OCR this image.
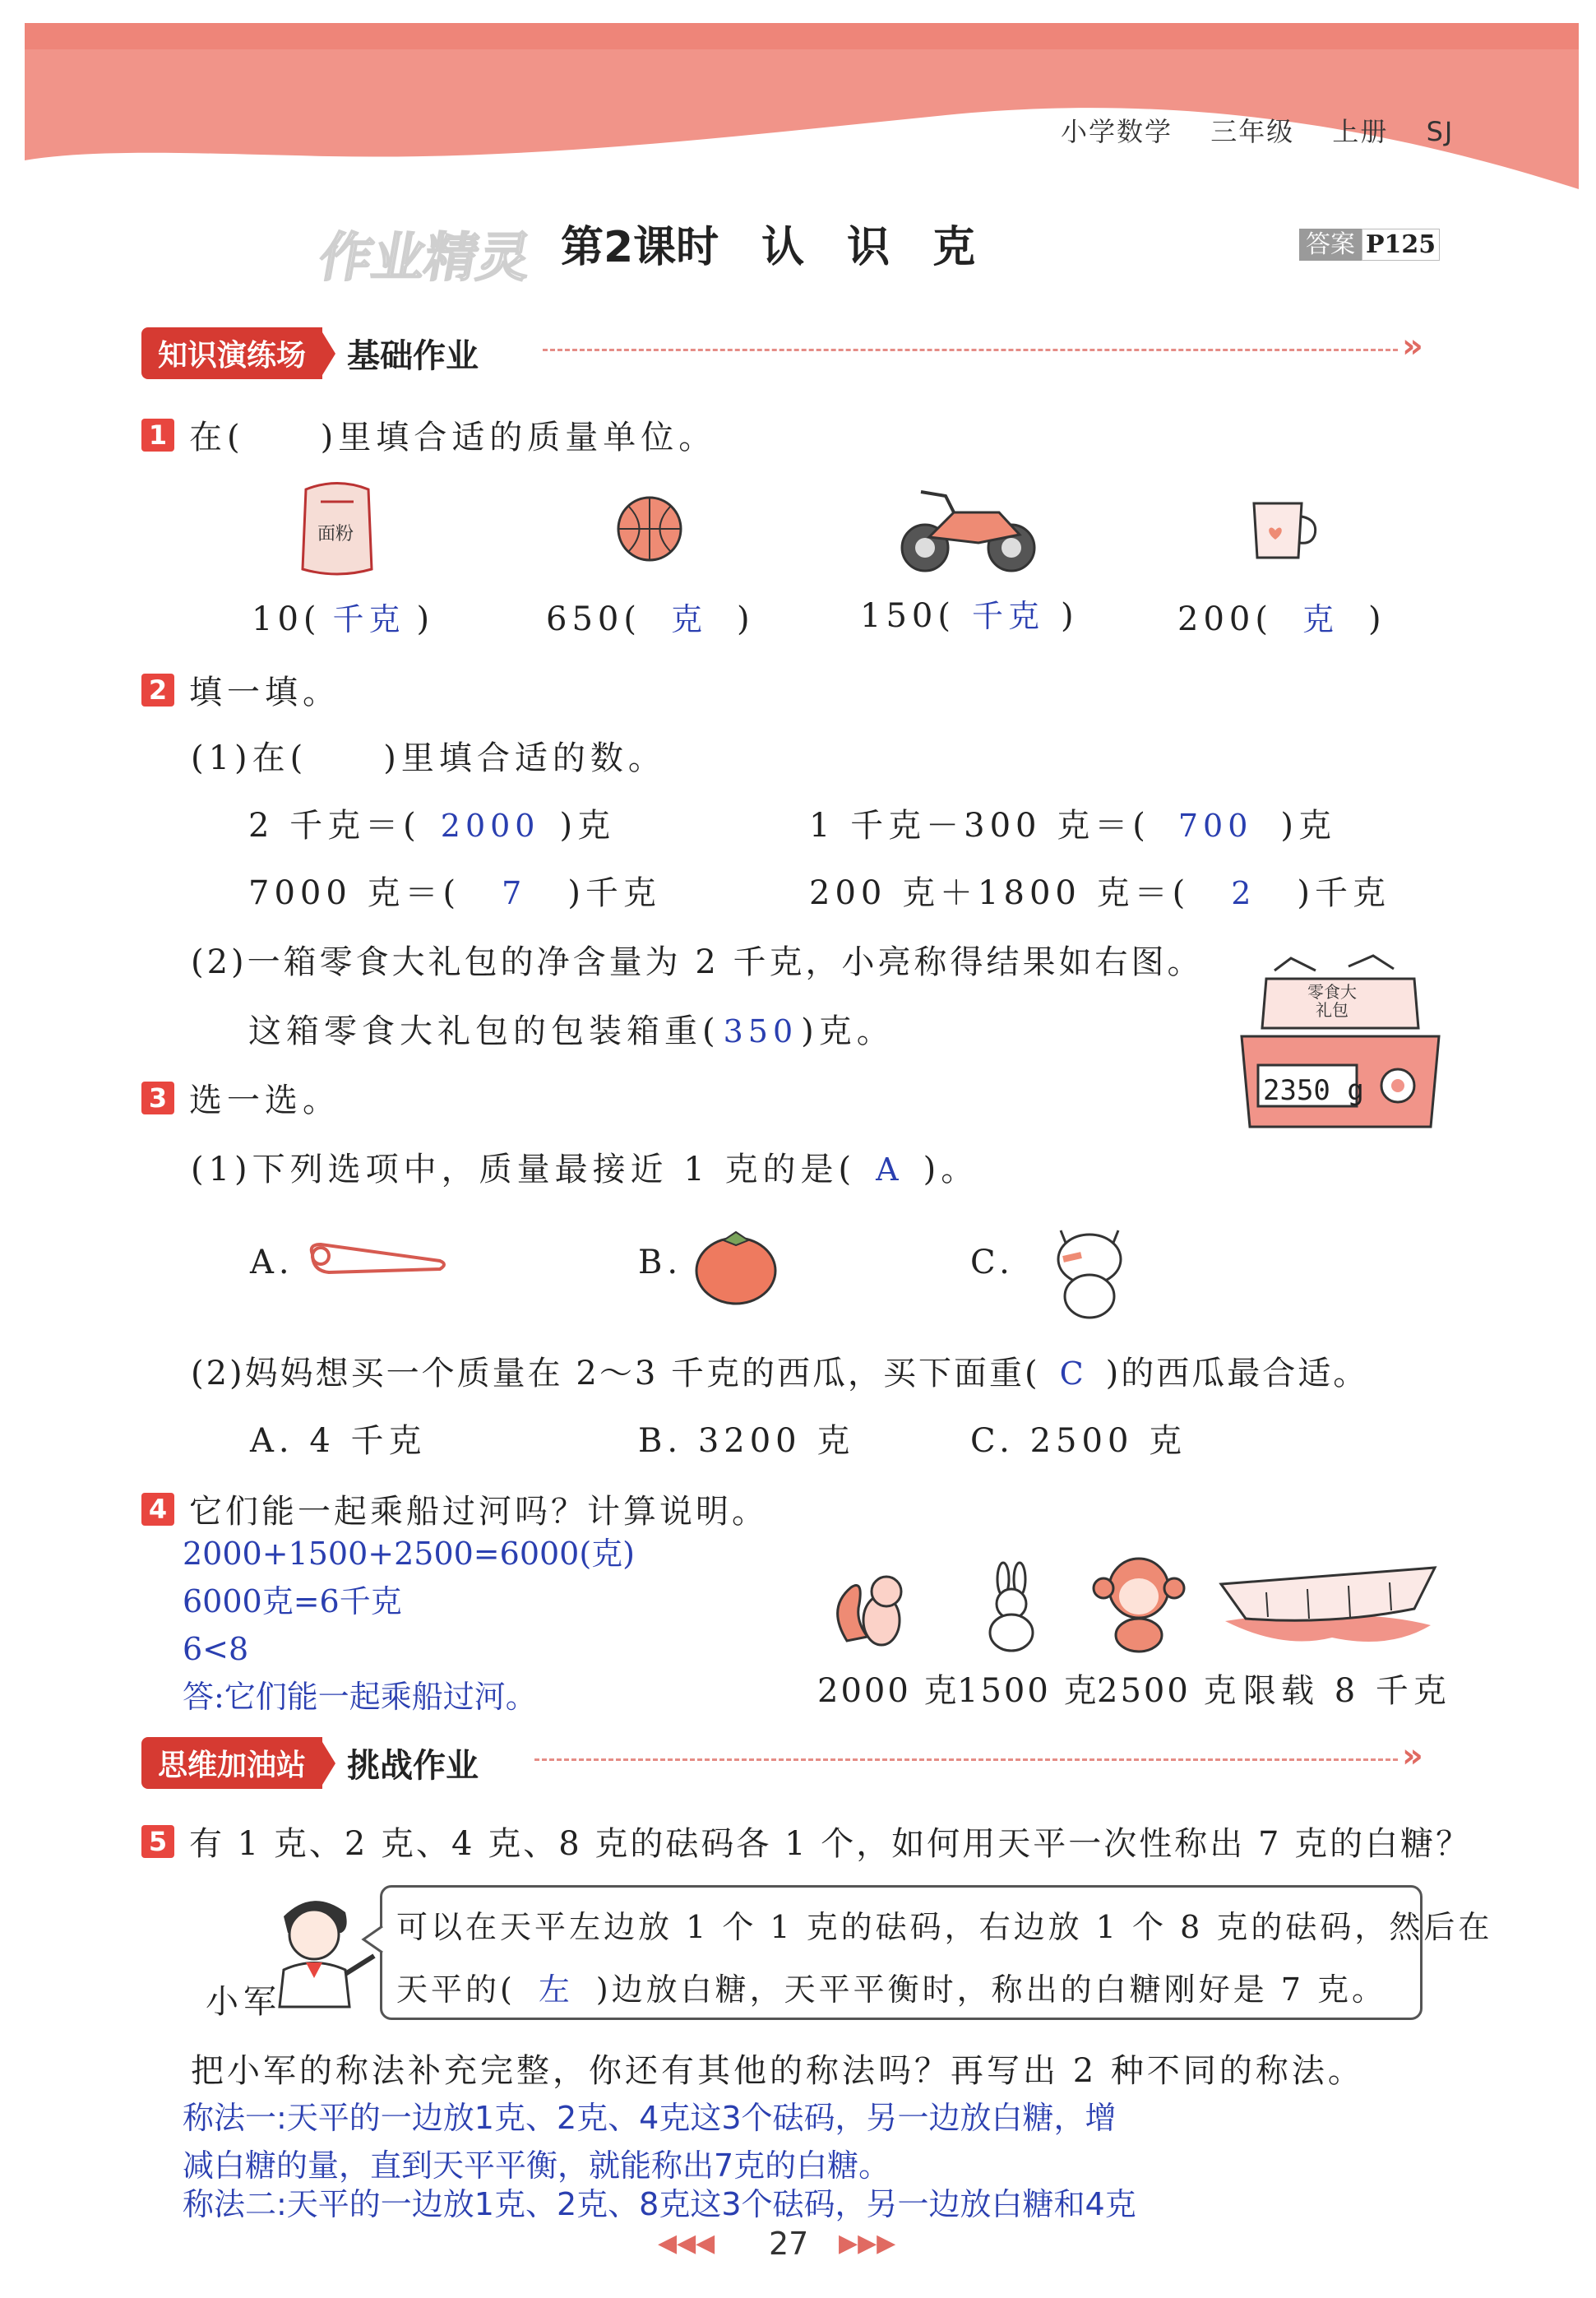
小学数学 三年级 上册 SJ
作业精灵 第2课时　认　识　克	答案 P125
知识演练场	基础作业	»
1 在(　　)里填合适的质量单位。
面粉
10( 千克 )	650( 克 )	150( 千克 )	200( 克 )
2 填一填。
(1)在(　　)里填合适的数。
2 千克＝( 2000 )克	1 千克－300 克＝( 700 )克
7000 克＝( 7 )千克	200 克＋1800 克＝( 2 )千克
(2)一箱零食大礼包的净含量为 2 千克，小亮称得结果如右图。
这箱零食大礼包的包装箱重( 350 )克。
零食大礼包
2350 g
3 选一选。
(1)下列选项中，质量最接近 1 克的是( A )。
A.	B.	C.
(2)妈妈想买一个质量在 2～3 千克的西瓜，买下面重( C )的西瓜最合适。
A. 4 千克	B. 3200 克	C. 2500 克
4 它们能一起乘船过河吗？计算说明。
2000+1500+2500=6000(克)
6000克=6千克
6<8
答:它们能一起乘船过河。	2000 克
1500 克
2500 克 限载 8 千克
思维加油站	挑战作业	»
5 有 1 克、2 克、4 克、8 克的砝码各 1 个，如何用天平一次性称出 7 克的白糖？
小军
可以在天平左边放 1 个 1 克的砝码，右边放 1 个 8 克的砝码，然后在
天平的( 左 )边放白糖，天平平衡时，称出的白糖刚好是 7 克。
把小军的称法补充完整，你还有其他的称法吗？再写出 2 种不同的称法。
称法一:天平的一边放1克、2克、4克这3个砝码，另一边放白糖，增
减白糖的量，直到天平平衡，就能称出7克的白糖。
称法二:天平的一边放1克、2克、8克这3个砝码，另一边放白糖和4克
◀◀◀ 27 ▶▶▶
